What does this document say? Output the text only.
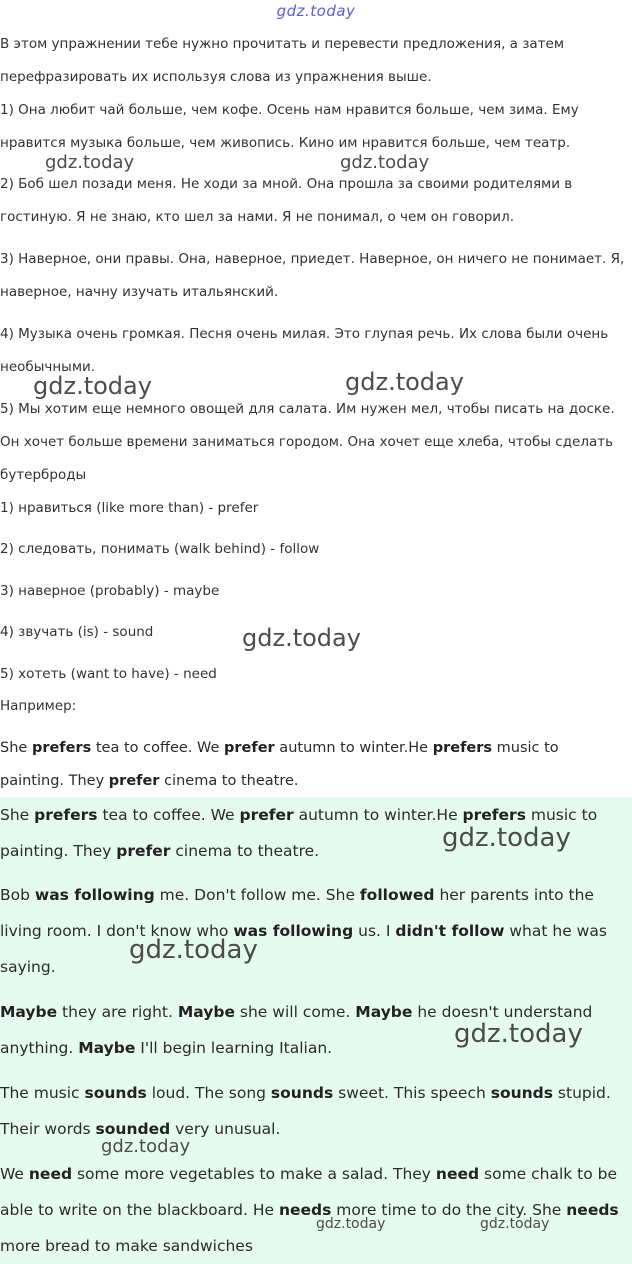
gdz.today

В этом упражнении тебе нужно прочитать и перевести предложения, а затем перефразировать их используя слова из упражнения выше.

1) Она любит чай больше, чем кофе. Осень нам нравится больше, чем зима. Ему нравится музыка больше, чем живопись. Кино им нравится больше, чем театр.

2) Боб шел позади меня. Не ходи за мной. Она прошла за своими родителями в гостиную. Я не знаю, кто шел за нами. Я не понимал, о чем он говорил.

3) Наверное, они правы. Она, наверное, приедет. Наверное, он ничего не понимает. Я, наверное, начну изучать итальянский.

4) Музыка очень громкая. Песня очень милая. Это глупая речь. Их слова были очень необычными.

5) Мы хотим еще немного овощей для салата. Им нужен мел, чтобы писать на доске. Он хочет больше времени заниматься городом. Она хочет еще хлеба, чтобы сделать бутерброды

1) нравиться (like more than) - prefer

2) следовать, понимать (walk behind) - follow

3) наверное (probably) - maybe

4) звучать (is) - sound

5) хотеть (want to have) - need

Например:

She prefers tea to coffee. We prefer autumn to winter.He prefers music to painting. They prefer cinema to theatre.

She prefers tea to coffee. We prefer autumn to winter.He prefers music to painting. They prefer cinema to theatre.

Bob was following me. Don't follow me. She followed her parents into the living room. I don't know who was following us. I didn't follow what he was saying.

Maybe they are right. Maybe she will come. Maybe he doesn't understand anything. Maybe I'll begin learning Italian.

The music sounds loud. The song sounds sweet. This speech sounds stupid. Their words sounded very unusual.

We need some more vegetables to make a salad. They need some chalk to be able to write on the blackboard. He needs more time to do the city. She needs more bread to make sandwiches

gdz.today	gdz.today
gdz.today	gdz.today
gdz.today
gdz.today
gdz.today
gdz.today
gdz.today
gdz.today	gdz.today
